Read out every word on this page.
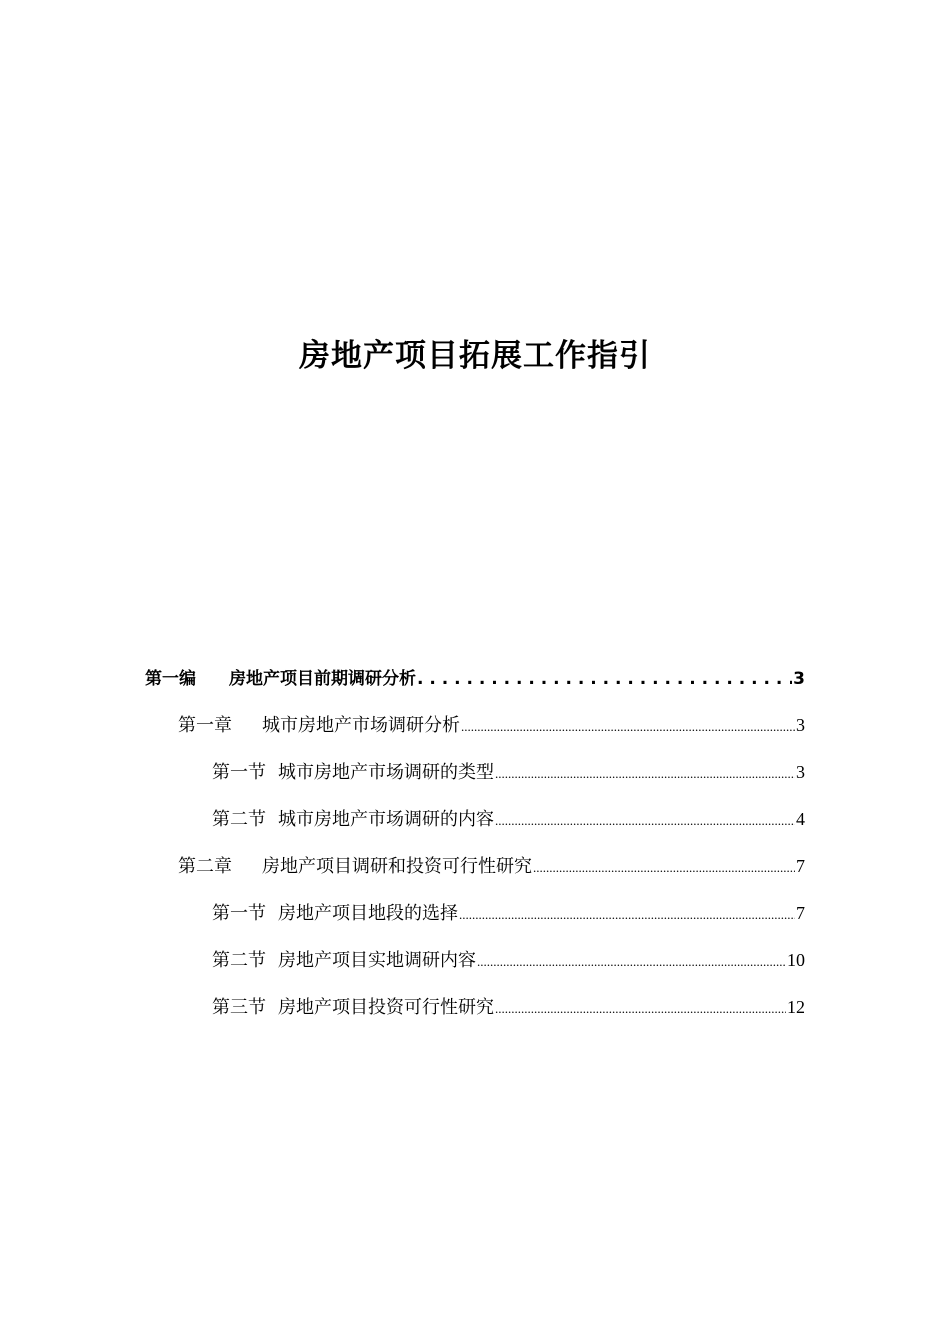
房地产项目拓展工作指引
第一编	房地产项目前期调研分析 . . .	3
第一章	城市房地产市场调研分析 .....	3
第一节 城市房地产市场调研的类型 .....	3
第二节 城市房地产市场调研的内容 .....	4
第二章	房地产项目调研和投资可行性研究 .....	7
第一节 房地产项目地段的选择 .....	7
第二节 房地产项目实地调研内容 .....	10
第三节 房地产项目投资可行性研究 .....	12
